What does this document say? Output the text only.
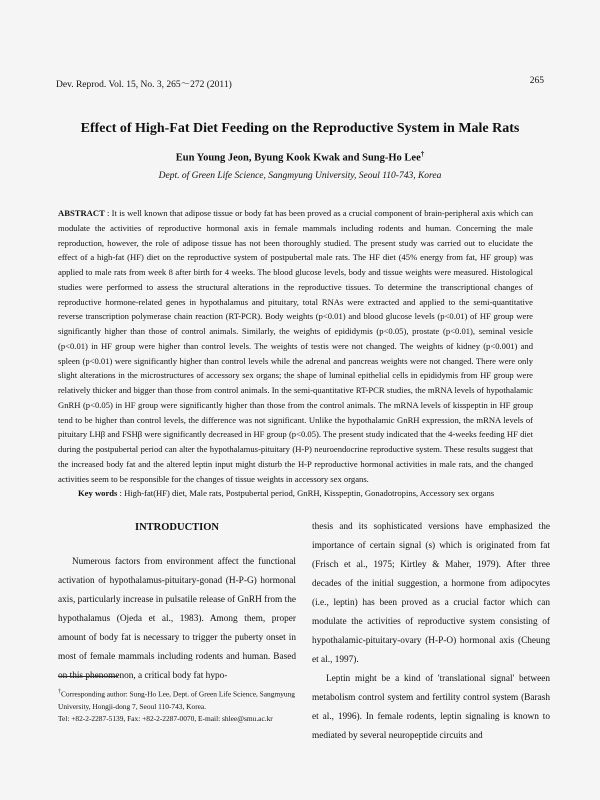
Dev. Reprod. Vol. 15, No. 3, 265～272 (2011)	265
Effect of High-Fat Diet Feeding on the Reproductive System in Male Rats
Eun Young Jeon, Byung Kook Kwak and Sung-Ho Lee†
Dept. of Green Life Science, Sangmyung University, Seoul 110-743, Korea

ABSTRACT : It is well known that adipose tissue or body fat has been proved as a crucial component of brain-peripheral axis which can modulate the activities of reproductive hormonal axis in female mammals including rodents and human. Concerning the male reproduction, however, the role of adipose tissue has not been thoroughly studied. The present study was carried out to elucidate the effect of a high-fat (HF) diet on the reproductive system of postpubertal male rats. The HF diet (45% energy from fat, HF group) was applied to male rats from week 8 after birth for 4 weeks. The blood glucose levels, body and tissue weights were measured. Histological studies were performed to assess the structural alterations in the reproductive tissues. To determine the transcriptional changes of reproductive hormone-related genes in hypothalamus and pituitary, total RNAs were extracted and applied to the semi-quantitative reverse transcription polymerase chain reaction (RT-PCR). Body weights (p<0.01) and blood glucose levels (p<0.01) of HF group were significantly higher than those of control animals. Similarly, the weights of epididymis (p<0.05), prostate (p<0.01), seminal vesicle (p<0.01) in HF group were higher than control levels. The weights of testis were not changed. The weights of kidney (p<0.001) and spleen (p<0.01) were significantly higher than control levels while the adrenal and pancreas weights were not changed. There were only slight alterations in the microstructures of accessory sex organs; the shape of luminal epithelial cells in epididymis from HF group were relatively thicker and bigger than those from control animals. In the semi-quantitative RT-PCR studies, the mRNA levels of hypothalamic GnRH (p<0.05) in HF group were significantly higher than those from the control animals. The mRNA levels of kisspeptin in HF group tend to be higher than control levels, the difference was not significant. Unlike the hypothalamic GnRH expression, the mRNA levels of pituitary LHβ and FSHβ were significantly decreased in HF group (p<0.05). The present study indicated that the 4-weeks feeding HF diet during the postpubertal period can alter the hypothalamus-pituitary (H-P) neuroendocrine reproductive system. These results suggest that the increased body fat and the altered leptin input might disturb the H-P reproductive hormonal activities in male rats, and the changed activities seem to be responsible for the changes of tissue weights in accessory sex organs.

Key words : High-fat(HF) diet, Male rats, Postpubertal period, GnRH, Kisspeptin, Gonadotropins, Accessory sex organs
INTRODUCTION

Numerous factors from environment affect the functional activation of hypothalamus-pituitary-gonad (H-P-G) hormonal axis, particularly increase in pulsatile release of GnRH from the hypothalamus (Ojeda et al., 1983). Among them, proper amount of body fat is necessary to trigger the puberty onset in most of female mammals including rodents and human. Based on this phenomenon, a critical body fat hypo-

thesis and its sophisticated versions have emphasized the importance of certain signal (s) which is originated from fat (Frisch et al., 1975; Kirtley & Maher, 1979). After three decades of the initial suggestion, a hormone from adipocytes (i.e., leptin) has been proved as a crucial factor which can modulate the activities of reproductive system consisting of hypothalamic-pituitary-ovary (H-P-O) hormonal axis (Cheung et al., 1997).

Leptin might be a kind of 'translational signal' between metabolism control system and fertility control system (Barash et al., 1996). In female rodents, leptin signaling is known to mediated by several neuropeptide circuits and

†Corresponding author: Sung-Ho Lee, Dept. of Green Life Science, Sangmyung University, Hongji-dong 7, Seoul 110-743, Korea.

Tel: +82-2-2287-5139, Fax: +82-2-2287-0070, E-mail: shlee@smu.ac.kr
